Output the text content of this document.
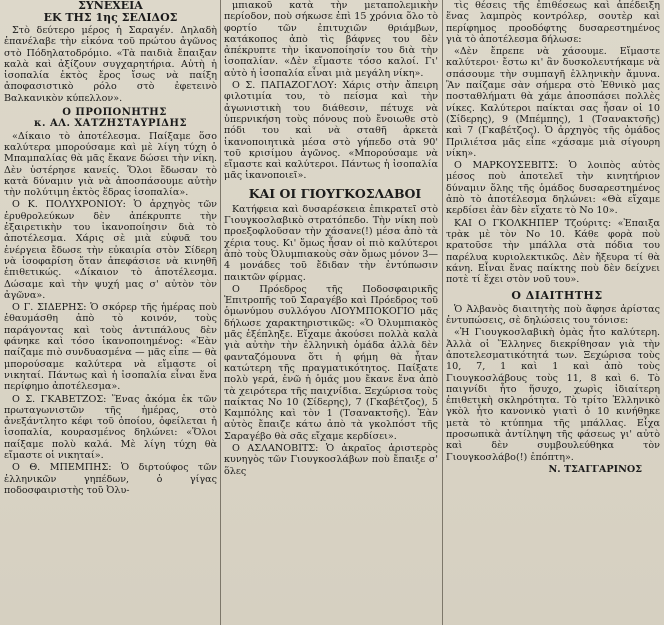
ΣΥΝΕΧΕΙΑ
ΕΚ ΤΗΣ 1ης ΣΕΛΙΔΟΣ

Στὸ δεύτερο μέρος ἡ Σαραγέν. Δηλαδὴ ἐπανέλαβε τὴν εἰκόνα τοῦ πρώτου ἀγῶνος στὸ Πόδηλατοδρόμιο. «Τὰ παιδιὰ ἔπαιξαν καλὰ καὶ ἀξίζουν συγχαρητήρια. Αὐτὴ ἡ ἰσοπαλία ἐκτὸς ἔρος ἴσως νὰ παίξη ἀποφασιστικὸ ρόλο στὸ ἐφετεινὸ Βαλκανικὸν κύπελλον».

Ο ΠΡΟΠΟΝΗΤΗΣ
κ. ΑΛ. ΧΑΤΖΗΣΤΑΥΡΙΔΗΣ

«Δίκαιο τὸ ἀποτέλεσμα. Παίξαμε ὅσο καλύτερα μπορούσαμε καὶ μὲ λίγη τύχη ὁ Μπαμπαλίας θὰ μᾶς ἔκανε δώσει τὴν νίκη. Δὲν ὑστέρησε κανείς. Ὅλοι ἔδωσαν τὸ κατὰ δύναμιν γιὰ νὰ ἀποσπάσουμε αὐτὴν τὴν πολύτιμη ἐκτὸς ἕδρας ἰσοπαλία».

Ο Κ. ΠΟΛΥΧΡΟΝΙΟΥ: Ὁ ἀρχηγὸς τῶν ἐρυθρολεύκων δὲν ἀπέκρυπτε τὴν ἐξαιρετικὴν του ἱκανοποίησιν διὰ τὸ ἀποτέλεσμα. Χάρις σὲ μιὰ εὐφυᾶ του ἐνέργεια ἔδωσε τὴν εὐκαιρία στὸν Σίδερη νὰ ἰσοφαρίση ὅταν ἀπεφάσισε νὰ κινηθῆ ἐπιθετικώς. «Δίκαιον τὸ ἀποτέλεσμα. Δώσαμε καὶ τὴν ψυχή μας σ' αὐτὸν τὸν ἀγῶνα».

Ο Γ. ΣΙΔΕΡΗΣ: Ὁ σκόρερ τῆς ἡμέρας ποὺ ἐθαυμάσθη ἀπὸ τὸ κοινόν, τοὺς παράγοντας καὶ τοὺς ἀντιπάλους δὲν φάνηκε καὶ τόσο ἱκανοποιημένος: «Ἐὰν παίζαμε πιὸ συνδυασμένα — μᾶς εἶπε — θὰ μπορούσαμε καλύτερα νὰ εἴμαστε οἱ νικηταί. Πάντως καὶ ἡ ἰσοπαλία εἶναι ἕνα περίφημο ἀποτέλεσμα».

Ο Σ. ΓΚΑΒΕΤΖΟΣ: Ἕνας ἀκόμα ἐκ τῶν πρωταγωνιστῶν τῆς ἡμέρας, στὸ ἀνεξάντλητο κέφι τοῦ ὁποίου, ὀφείλεται ἡ ἰσοπαλία, κουρασμένος δηλώνει: «Ὅλοι παίξαμε πολὺ καλά. Μὲ λίγη τύχη θὰ εἴμαστε οἱ νικηταί».

Ο Θ. ΜΠΕΜΠΗΣ: Ὁ διρτούφος τῶν ἑλληνικῶν γηπέδων, ὁ γίγας ποδοσφαιριστὴς τοῦ Ὀλυ-

μπιακοῦ κατὰ τὴν μεταπολεμικὴν περίοδον, ποὺ σήκωσε ἐπὶ 15 χρόνια ὅλο τὸ φορτίο τῶν ἐπιτυχιῶν θριάμβων, κατάκοπος ἀπὸ τὶς βάφνες του δὲν ἀπέκρυπτε τὴν ἱκανοποίησίν του διὰ τὴν ἰσοπαλίαν. «Δὲν εἴμαστε τόσο καλοί. Γι' αὐτὸ ἡ ἰσοπαλία εἶναι μιὰ μεγάλη νίκη».

Ο Σ. ΠΑΠΑΖΟΓΛΟΥ: Χάρις στὴν ἄπειρη φιλοτιμία του, τὸ πείσμα καὶ τὴν ἀγωνιστικὴ του διάθεσιν, πέτυχε νὰ ὑπερνικήση τοὺς πόνους ποὺ ἔνοιωθε στὸ πόδι του καὶ νὰ σταθῆ ἀρκετὰ ἱκανοποιητικὰ μέσα στὸ γήπεδο στὰ 90' τοῦ κρισίμου ἀγῶνος. «Μπορούσαμε νὰ εἴμαστε καὶ καλύτεροι. Πάντως ἡ ἰσοπαλία μᾶς ἱκανοποιεῖ».

ΚΑΙ ΟΙ ΓΙΟΥΓΚΟΣΛΑΒΟΙ

Κατήφεια καὶ δυσαρέσκεια ἐπικρατεῖ στὸ Γιουγκοσλαβικὸ στρατόπεδο. Τὴν νίκη ποὺ προεξοφλοῦσαν τὴν χάσανε(!) μέσα ἀπὸ τὰ χέρια τους. Κι' ὅμως ἦσαν οἱ πιὸ καλύτεροι ἀπὸ τοὺς Ὀλυμπιακοὺς σὰν ὅμως μόνον 3—4 μονάδες τοῦ ἔδιδαν τὴν ἐντύπωσιν παικτῶν φίρμας.

Ο Πρόεδρος τῆς Ποδοσφαιρικῆς Ἑπιτροπῆς τοῦ Σαραγέβο καὶ Πρόεδρος τοῦ ὁμωνύμου συλλόγου ΛΙΟΥΜΠΟΚΟΓΙΟ μᾶς δήλωσε χαρακτηριστικῶς: «Ὁ Ὀλυμπιακὸς μᾶς ἐξέπληξε. Εἴχαμε ἀκούσει πολλὰ καλὰ γιὰ αὐτὴν τὴν ἑλληνικὴ ὁμάδα ἀλλὰ δὲν φανταζόμουνα ὅτι ἡ φήμη θὰ ἦταν κατώτερη τῆς πραγματικότητος. Παίξατε πολὺ γερά, ἐνῶ ἡ ὁμάς μου ἔκανε ἕνα ἀπὸ τὰ χειρότερα τῆς παιχνίδια. Ξεχώρισα τοὺς παίκτας Νο 10 (Σίδερης), 7 (Γκαβέτζος), 5 Καμπόλης καὶ τὸν 1 (Τσανακτσῆς). Ἐὰν αὐτὸς ἔπαιζε κάτω ἀπὸ τὰ γκολπόστ τῆς Σαραγέβο θὰ σᾶς εἴχαμε κερδίσει».

Ο ΑΣΛΑΝΟΒΙΤΣ: Ὁ ἀκραῖος ἀριστερὸς κυνηγὸς τῶν Γιουγκοσλάβων ποὺ ἔπαιξε σ' ὅλες

τὶς θέσεις τῆς ἐπιθέσεως καὶ ἀπέδειξη ἕνας λαμπρὸς κοντρόλερ, σουτὲρ καὶ περίφημος προοδόφτης δυσαρεστημένος γιὰ τὸ ἀποτέλεσμα δήλωσε:

«Δὲν ἔπρεπε νὰ χάσουμε. Εἴμαστε καλύτεροι· ἔστω κι' ἂν δυσκολευτήκαμε νὰ σπάσουμε τὴν συμπαγῆ ἑλληνικὴν ἄμυνα. Ἂν παίζαμε σὰν σήμερα στὸ Ἐθνικὸ μας ποσταθλήματι θὰ χάμε ἀποσπάσει πολλὲς νίκες. Καλύτεροι παίκται σας ἦσαν οἱ 10 (Σίδερης), 9 (Μπέμπης), 1 (Τσανακτσῆς) καὶ 7 (Γκαβέτζος). Ὁ ἀρχηγὸς τῆς ὁμάδος Πριλιέτσα μᾶς εἶπε «χάσαμε μιὰ σίγουρη νίκη».

Ο ΜΑΡΚΟΥΣΕΒΙΤΣ: Ὁ λοιπὸς αὐτὸς μέσος ποὺ ἀποτελεῖ τὴν κινητήριον δύναμιν ὅλης τῆς ὁμάδος δυσαρεστημένος ἀπὸ τὸ ἀποτέλεσμα δηλώνει: «Θὰ εἴχαμε κερδίσει ἐὰν δὲν εἴχατε τὸ Νο 10».

ΚΑΙ Ο ΓΚΟΛΚΗΠΕΡ Τζούριτς: «Ἐπαιξα τρὰκ μὲ τὸν Νο 10. Κάθε φορὰ ποὺ κρατοῦσε τὴν μπάλλα στὰ πόδια του παρέλυα κυριολεκτικῶς. Δὲν ἤξευρα τί θὰ κάνη. Εἶναι ἕνας παίκτης ποὺ δὲν δείχνει ποτὲ τί ἔχει στὸν νοῦ του».

Ο ΔΙΑΙΤΗΤΗΣ

Ὁ Ἀλβανὸς διαιτητὴς ποὺ ἄφησε ἀρίστας ἐντυπώσεις, σὲ δηλώσεις του τόνισε:

«Ἡ Γιουγκοσλαβικὴ ὁμὰς ἦτο καλύτερη. Ἀλλὰ οἱ Ἕλληνες διεκρίθησαν γιὰ τὴν ἀποτελεσματικότητά των. Ξεχώρισα τοὺς 10, 7, 1 καὶ 1 καὶ ἀπὸ τοὺς Γιουγκοσλάβους τοὺς 11, 8 καὶ 6. Τὸ παιγνίδι ἦτο ἥσυχο, χωρὶς ἰδιαίτερη ἐπιθετικὴ σκληρότητα. Τὸ τρίτο Ἑλληνικὸ γκὸλ ἦτο κανονικὸ γιατὶ ὁ 10 κινήθηκε μετὰ τὸ κτύπημα τῆς μπάλλας. Εἶχα προσωπικὰ ἀντίληψη τῆς φάσεως γι' αὐτὸ καὶ δὲν συμβουλεύθηκα τὸν Γιουγκοσλάβο(!) ἐπόπτη».

Ν. ΤΣΑΓΓΑΡΙΝΟΣ
